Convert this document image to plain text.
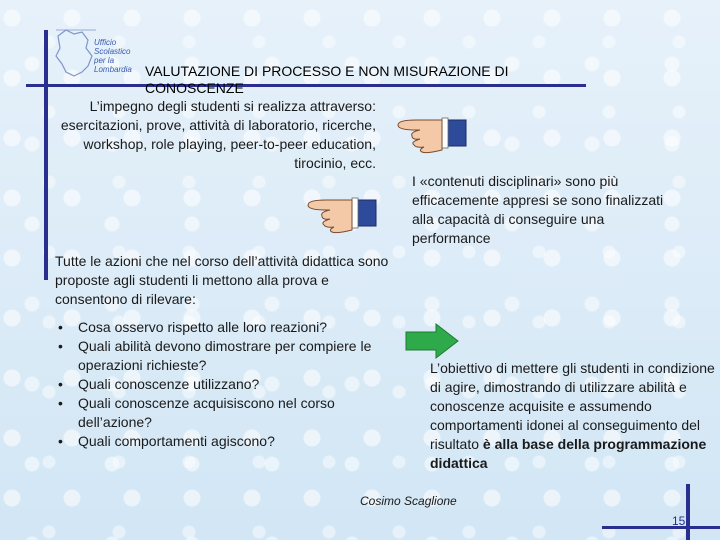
Ufficio
Scolastico
per la
Lombardia VALUTAZIONE DI PROCESSO E NON MISURAZIONE DI CONOSCENZE
L’impegno degli studenti si realizza attraverso: esercitazioni, prove, attività di laboratorio, ricerche, workshop, role playing, peer-to-peer education, tirocinio, ecc.
I «contenuti disciplinari» sono più efficacemente appresi se sono finalizzati alla capacità di conseguire una performance
Tutte le azioni che nel corso dell’attività didattica sono proposte agli studenti li mettono alla prova e consentono di rilevare:
• Cosa osservo rispetto alle loro reazioni?
• Quali abilità devono dimostrare per compiere le operazioni richieste?
• Quali conoscenze utilizzano?
• Quali conoscenze acquisiscono nel corso dell’azione?
• Quali comportamenti agiscono?
L’obiettivo di mettere gli studenti in condizione di agire, dimostrando di utilizzare abilità e conoscenze acquisite e assumendo comportamenti idonei al conseguimento del risultato è alla base della programmazione didattica
Cosimo Scaglione
15
